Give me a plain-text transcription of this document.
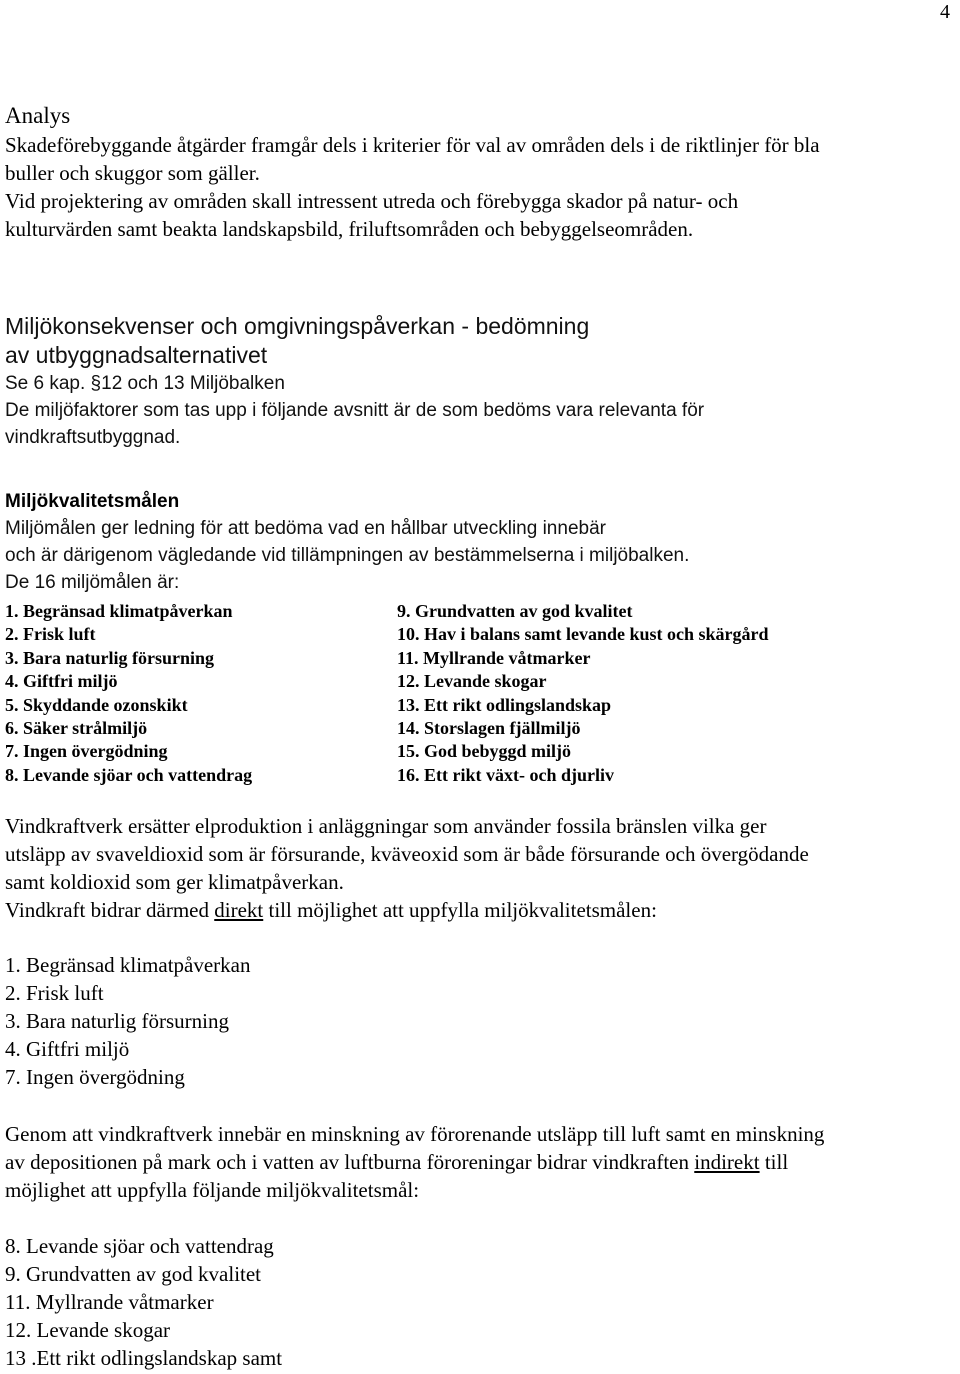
4

Analys

Skadeförebyggande åtgärder framgår dels i kriterier för val av områden dels i de riktlinjer för bla

buller och skuggor som gäller.

Vid projektering av områden skall intressent utreda och förebygga skador på natur- och

kulturvärden samt beakta landskapsbild, friluftsområden och bebyggelseområden.

Miljökonsekvenser och omgivningspåverkan - bedömning

av utbyggnadsalternativet

Se 6 kap. §12 och 13 Miljöbalken

De miljöfaktorer som tas upp i följande avsnitt är de som bedöms vara relevanta för

vindkraftsutbyggnad.

Miljökvalitetsmålen

Miljömålen ger ledning för att bedöma vad en hållbar utveckling innebär

och är därigenom vägledande vid tillämpningen av bestämmelserna i miljöbalken.

De 16 miljömålen är:

1. Begränsad klimatpåverkan	9. Grundvatten av god kvalitet
2. Frisk luft	10. Hav i balans samt levande kust och skärgård
3. Bara naturlig försurning	11. Myllrande våtmarker
4. Giftfri miljö	12. Levande skogar
5. Skyddande ozonskikt	13. Ett rikt odlingslandskap
6. Säker strålmiljö	14. Storslagen fjällmiljö
7. Ingen övergödning	15. God bebyggd miljö
8. Levande sjöar och vattendrag	16. Ett rikt växt- och djurliv

Vindkraftverk ersätter elproduktion i anläggningar som använder fossila bränslen vilka ger

utsläpp av svaveldioxid som är försurande, kväveoxid som är både försurande och övergödande

samt koldioxid som ger klimatpåverkan.

Vindkraft bidrar därmed direkt till möjlighet att uppfylla miljökvalitetsmålen:

1. Begränsad klimatpåverkan

2. Frisk luft

3. Bara naturlig försurning

4. Giftfri miljö

7. Ingen övergödning

Genom att vindkraftverk innebär en minskning av förorenande utsläpp till luft samt en minskning

av depositionen på mark och i vatten av luftburna föroreningar bidrar vindkraften indirekt till

möjlighet att uppfylla följande miljökvalitetsmål:

8. Levande sjöar och vattendrag

9. Grundvatten av god kvalitet

11. Myllrande våtmarker

12. Levande skogar

13 .Ett rikt odlingslandskap samt
